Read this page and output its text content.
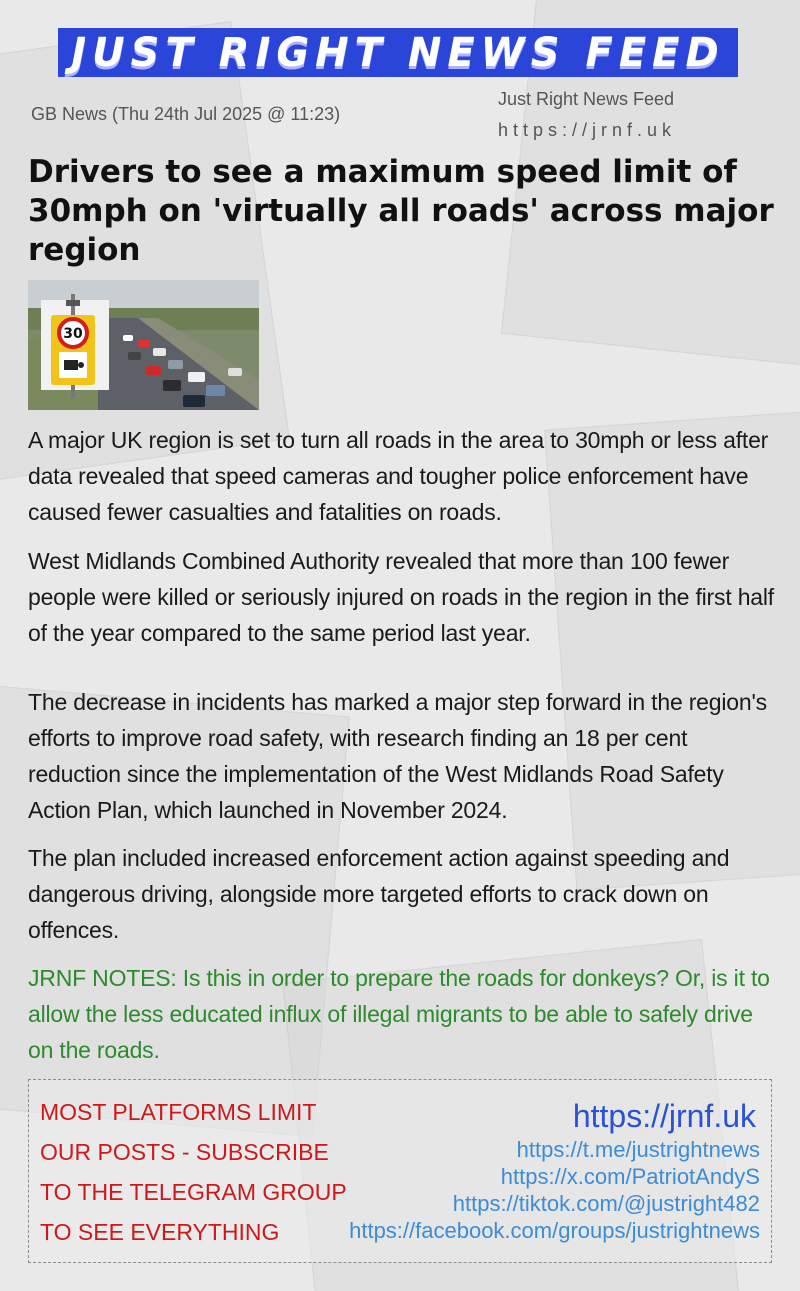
JUST RIGHT NEWS FEED
GB News (Thu 24th Jul 2025 @ 11:23)
Just Right News Feed
https://jrnf.uk
Drivers to see a maximum speed limit of 30mph on 'virtually all roads' across major region
30

A major UK region is set to turn all roads in the area to 30mph or less after data revealed that speed cameras and tougher police enforcement have caused fewer casualties and fatalities on roads.

West Midlands Combined Authority revealed that more than 100 fewer people were killed or seriously injured on roads in the region in the first half of the year compared to the same period last year.

The decrease in incidents has marked a major step forward in the region's efforts to improve road safety, with research finding an 18 per cent reduction since the implementation of the West Midlands Road Safety Action Plan, which launched in November 2024.

The plan included increased enforcement action against speeding and dangerous driving, alongside more targeted efforts to crack down on offences.

JRNF NOTES: Is this in order to prepare the roads for donkeys? Or, is it to allow the less educated influx of illegal migrants to be able to safely drive on the roads.

MOST PLATFORMS LIMIT
OUR POSTS - SUBSCRIBE
TO THE TELEGRAM GROUP
TO SEE EVERYTHING
https://jrnf.uk
https://t.me/justrightnews
https://x.com/PatriotAndyS
https://tiktok.com/@justright482
https://facebook.com/groups/justrightnews
